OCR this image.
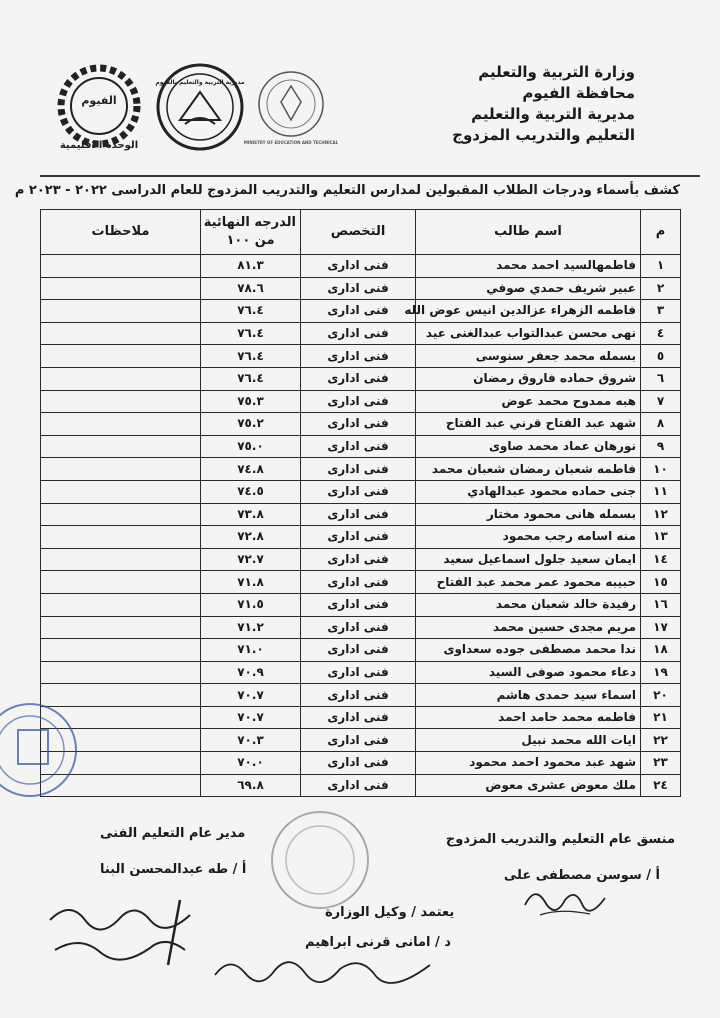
وزارة التربية والتعليم
محافظة الفيوم
مديرية التربية والتعليم
التعليم والتدريب المزدوج
الفيوم
الوحدة الاقليمية
مديرية التربية والتعليم بالفيوم
MINISTRY OF EDUCATION AND TECHNICAL
كشف بأسماء ودرجات الطلاب المقبولين لمدارس التعليم والتدريب المزدوج للعام الدراسى ٢٠٢٢ - ٢٠٢٣ م
م	اسم طالب	التخصص	الدرجه النهائية
من ١٠٠	ملاحظات
١	فاطمهالسيد احمد محمد	فنى ادارى	٨١.٣	
٢	عبير شريف حمدي صوفي	فنى ادارى	٧٨.٦	
٣	فاطمه الزهراء عزالدين انيس عوض الله	فنى ادارى	٧٦.٤	
٤	نهى محسن عبدالتواب عبدالغنى عيد	فنى ادارى	٧٦.٤	
٥	بسمله محمد جعفر سنوسى	فنى ادارى	٧٦.٤	
٦	شروق حماده فاروق رمضان	فنى ادارى	٧٦.٤	
٧	هبه ممدوح محمد عوض	فنى ادارى	٧٥.٣	
٨	شهد عبد الفتاح قرني عبد الفتاح	فنى ادارى	٧٥.٢	
٩	نورهان عماد محمد صاوى	فنى ادارى	٧٥.٠	
١٠	فاطمه شعبان رمضان شعبان محمد	فنى ادارى	٧٤.٨	
١١	جنى حماده محمود عبدالهادي	فنى ادارى	٧٤.٥	
١٢	بسمله هانى محمود مختار	فنى ادارى	٧٣.٨	
١٣	منه اسامه رجب محمود	فنى ادارى	٧٢.٨	
١٤	ايمان سعيد جلول اسماعيل سعيد	فنى ادارى	٧٢.٧	
١٥	حبيبه محمود عمر محمد عبد الفتاح	فنى ادارى	٧١.٨	
١٦	رفيدة خالد شعبان محمد	فنى ادارى	٧١.٥	
١٧	مريم مجدى حسين محمد	فنى ادارى	٧١.٢	
١٨	ندا محمد مصطفى جوده سعداوى	فنى ادارى	٧١.٠	
١٩	دعاء محمود صوفى السيد	فنى ادارى	٧٠.٩	
٢٠	اسماء سيد حمدى هاشم	فنى ادارى	٧٠.٧	
٢١	فاطمه محمد حامد احمد	فنى ادارى	٧٠.٧	
٢٢	ايات الله محمد نبيل	فنى ادارى	٧٠.٣	
٢٣	شهد عبد محمود احمد محمود	فنى ادارى	٧٠.٠	
٢٤	ملك معوض عشرى معوض	فنى ادارى	٦٩.٨	
منسق عام التعليم والتدريب المزدوج
أ / سوسن مصطفى على
مدير عام التعليم الفنى
أ / طه عبدالمحسن البنا
يعتمد / وكيل الوزارة
د / امانى قرنى ابراهيم
